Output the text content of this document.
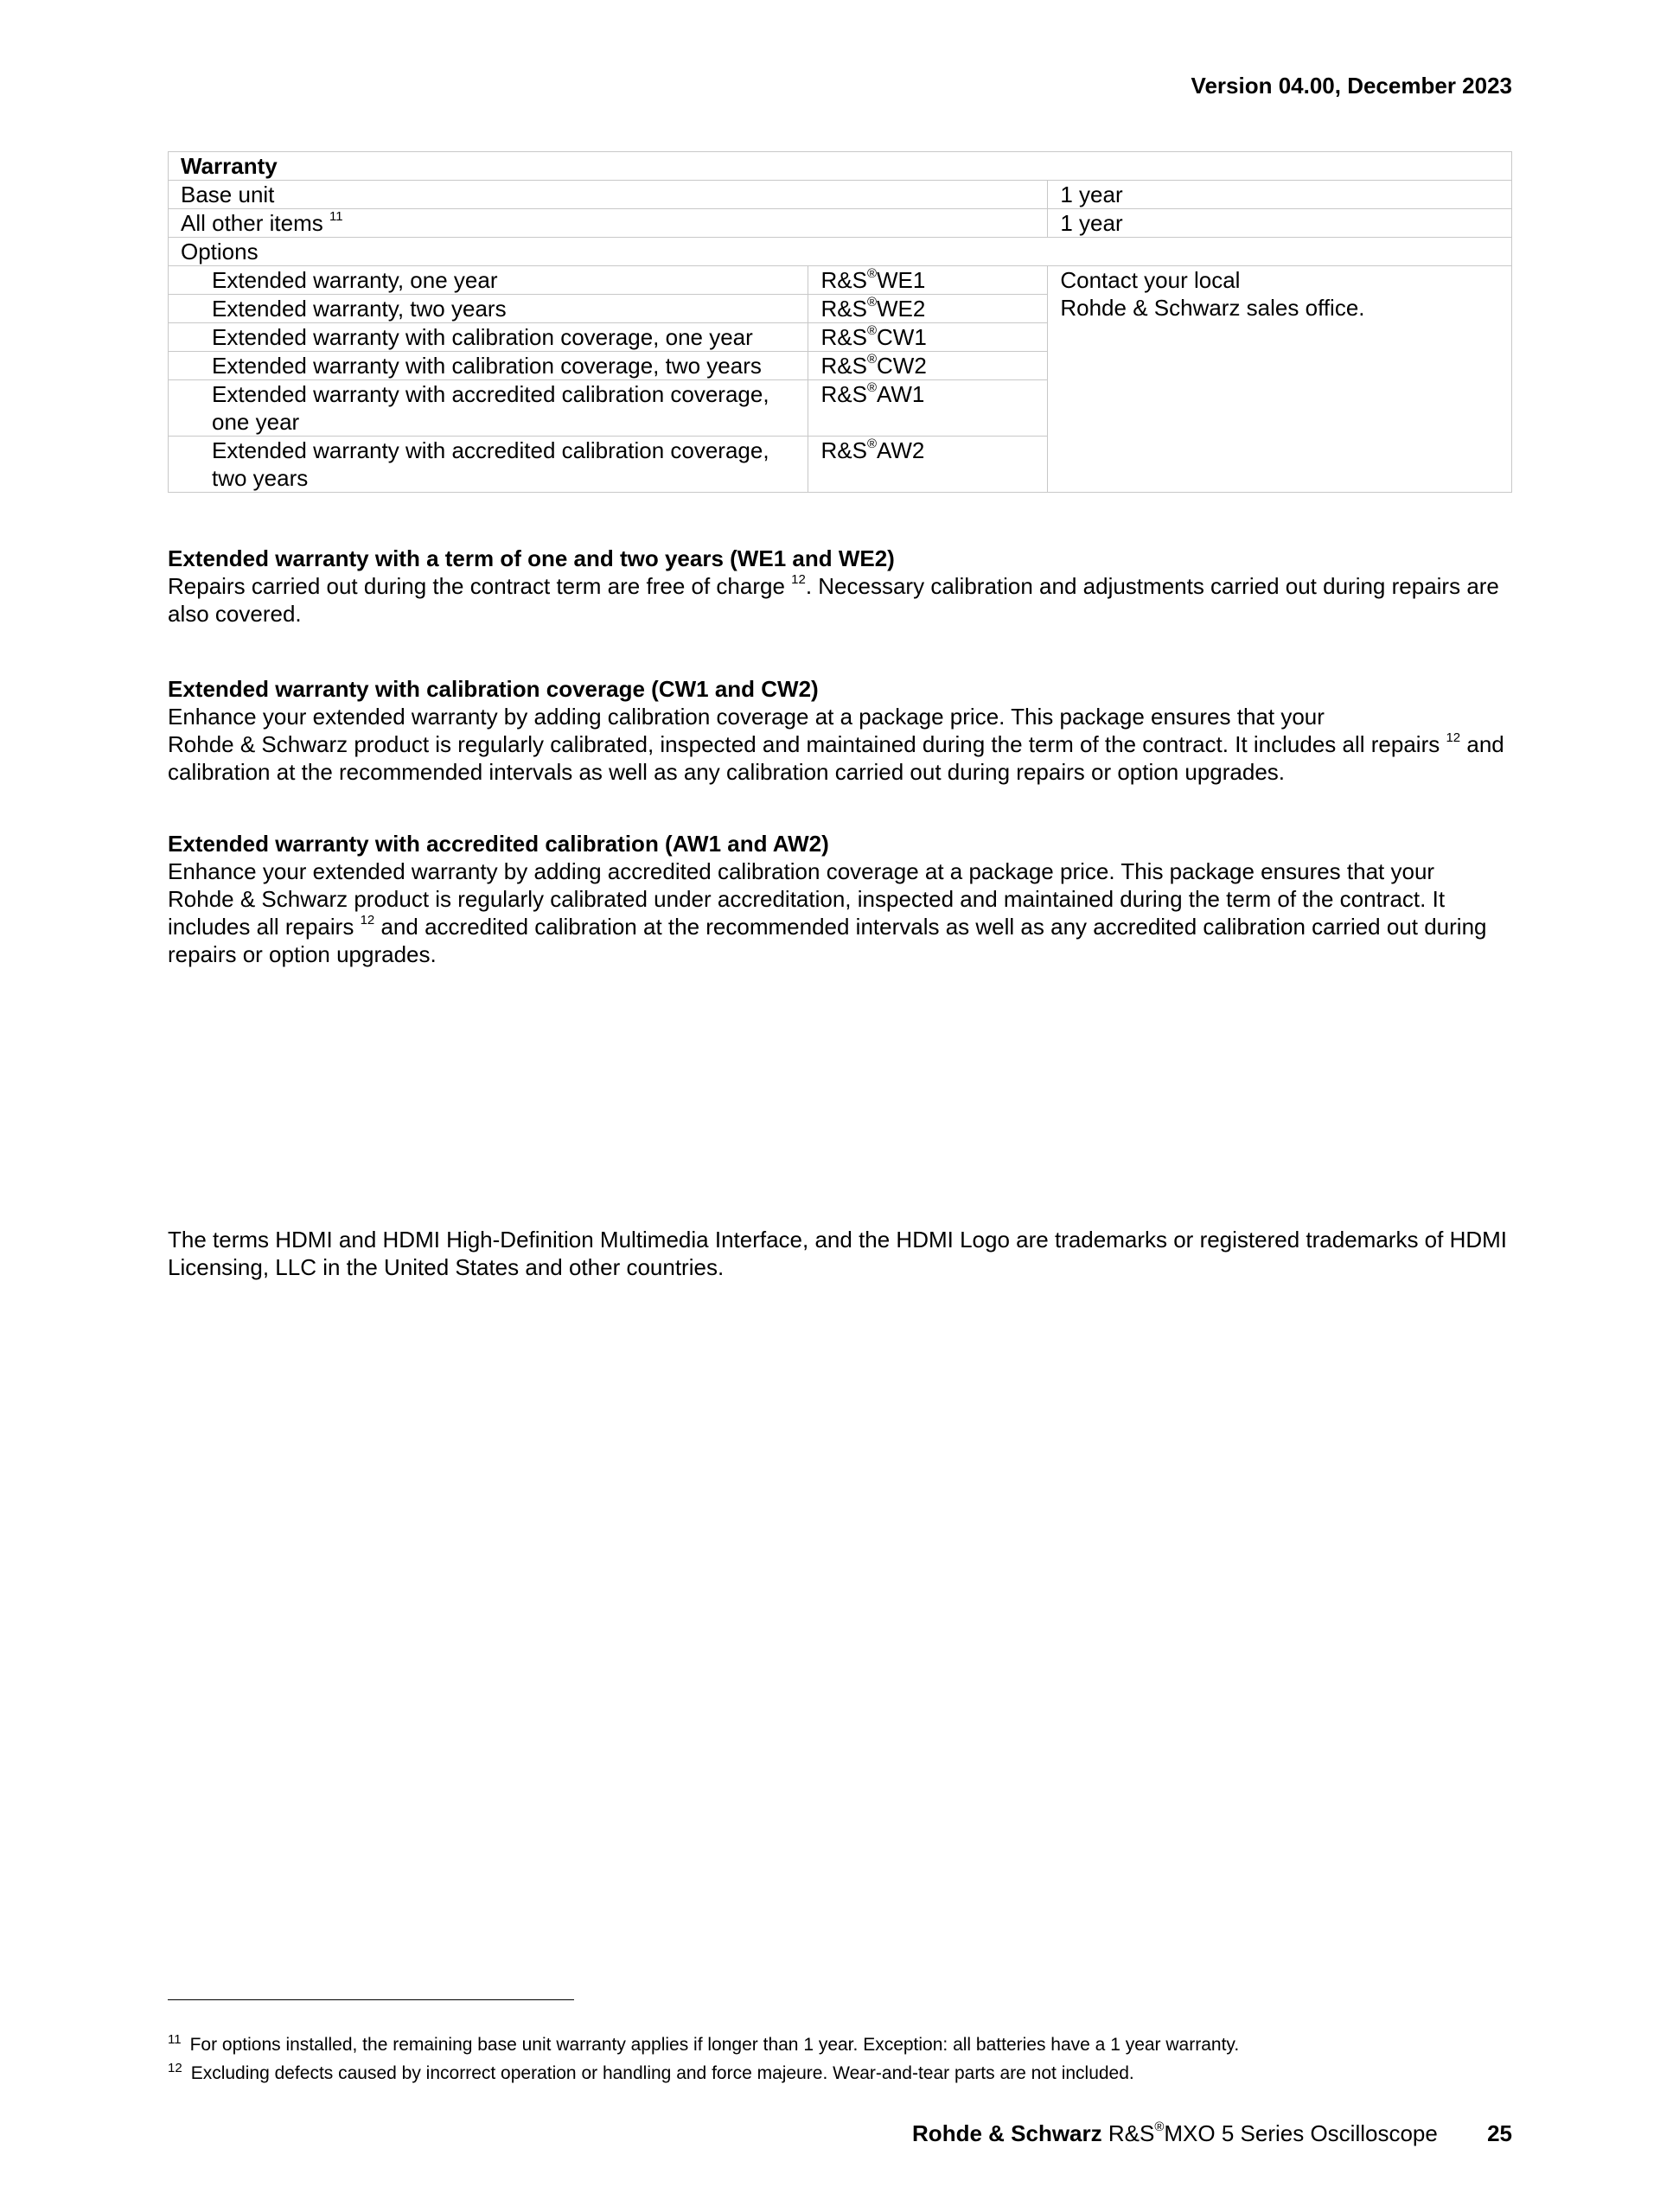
Version 04.00, December 2023
Warranty		
Base unit		1 year
All other items $^{11}$		1 year
Options		
Extended warranty, one year	R&S®WE1	Contact your local
Rohde & Schwarz sales office.
Extended warranty, two years	R&S®WE2	
Extended warranty with calibration coverage, one year	R&S®CW1	
Extended warranty with calibration coverage, two years	R&S®CW2	
Extended warranty with accredited calibration coverage,
one year	R&S®AW1	
Extended warranty with accredited calibration coverage,
two years	R&S®AW2	

Extended warranty with a term of one and two years (WE1 and WE2)

Repairs carried out during the contract term are free of charge $^{12}$. Necessary calibration and adjustments carried out during repairs are also covered.

Extended warranty with calibration coverage (CW1 and CW2)

Enhance your extended warranty by adding calibration coverage at a package price. This package ensures that your
Rohde & Schwarz product is regularly calibrated, inspected and maintained during the term of the contract. It includes all repairs $^{12}$ and calibration at the recommended intervals as well as any calibration carried out during repairs or option upgrades.

Extended warranty with accredited calibration (AW1 and AW2)

Enhance your extended warranty by adding accredited calibration coverage at a package price. This package ensures that your
Rohde & Schwarz product is regularly calibrated under accreditation, inspected and maintained during the term of the contract. It includes all repairs $^{12}$ and accredited calibration at the recommended intervals as well as any accredited calibration carried out during repairs or option upgrades.

The terms HDMI and HDMI High-Definition Multimedia Interface, and the HDMI Logo are trademarks or registered trademarks of HDMI Licensing, LLC in the United States and other countries.
$^{11}$ For options installed, the remaining base unit warranty applies if longer than 1 year. Exception: all batteries have a 1 year warranty.
$^{12}$ Excluding defects caused by incorrect operation or handling and force majeure. Wear-and-tear parts are not included.
Rohde & Schwarz R&S®MXO 5 Series Oscilloscope 25
